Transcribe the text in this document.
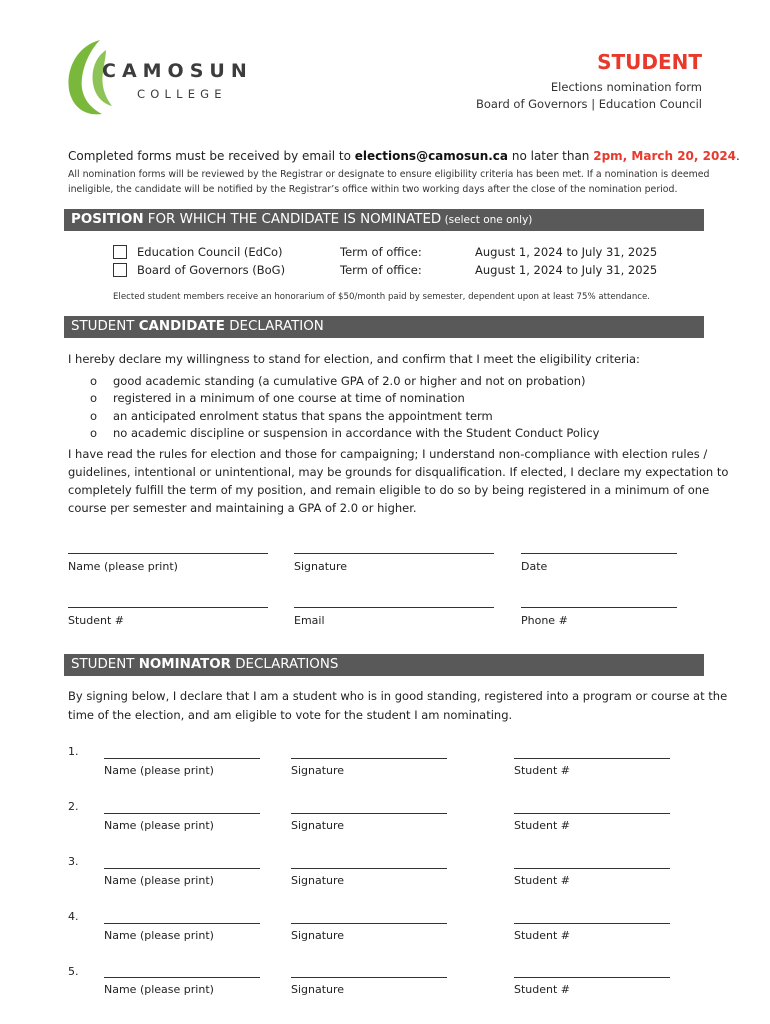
CAMOSUN
COLLEGE
STUDENT
Elections nomination form
Board of Governors | Education Council
Completed forms must be received by email to elections@camosun.ca no later than 2pm, March 20, 2024.
All nomination forms will be reviewed by the Registrar or designate to ensure eligibility criteria has been met. If a nomination is deemed
ineligible, the candidate will be notified by the Registrar’s office within two working days after the close of the nomination period.
POSITION FOR WHICH THE CANDIDATE IS NOMINATED (select one only)
Education Council (EdCo)	Term of office:	August 1, 2024 to July 31, 2025
Board of Governors (BoG)	Term of office:	August 1, 2024 to July 31, 2025
Elected student members receive an honorarium of $50/month paid by semester, dependent upon at least 75% attendance.
STUDENT CANDIDATE DECLARATION
I hereby declare my willingness to stand for election, and confirm that I meet the eligibility criteria:
o good academic standing (a cumulative GPA of 2.0 or higher and not on probation)
o registered in a minimum of one course at time of nomination
o an anticipated enrolment status that spans the appointment term
o no academic discipline or suspension in accordance with the Student Conduct Policy
I have read the rules for election and those for campaigning; I understand non-compliance with election rules /
guidelines, intentional or unintentional, may be grounds for disqualification. If elected, I declare my expectation to
completely fulfill the term of my position, and remain eligible to do so by being registered in a minimum of one
course per semester and maintaining a GPA of 2.0 or higher.
Name (please print)	Signature	Date
Student #	Email	Phone #
STUDENT NOMINATOR DECLARATIONS
By signing below, I declare that I am a student who is in good standing, registered into a program or course at the
time of the election, and am eligible to vote for the student I am nominating.
1.
Name (please print)	Signature	Student #
2.
Name (please print)	Signature	Student #
3.
Name (please print)	Signature	Student #
4.
Name (please print)	Signature	Student #
5.
Name (please print)	Signature	Student #
